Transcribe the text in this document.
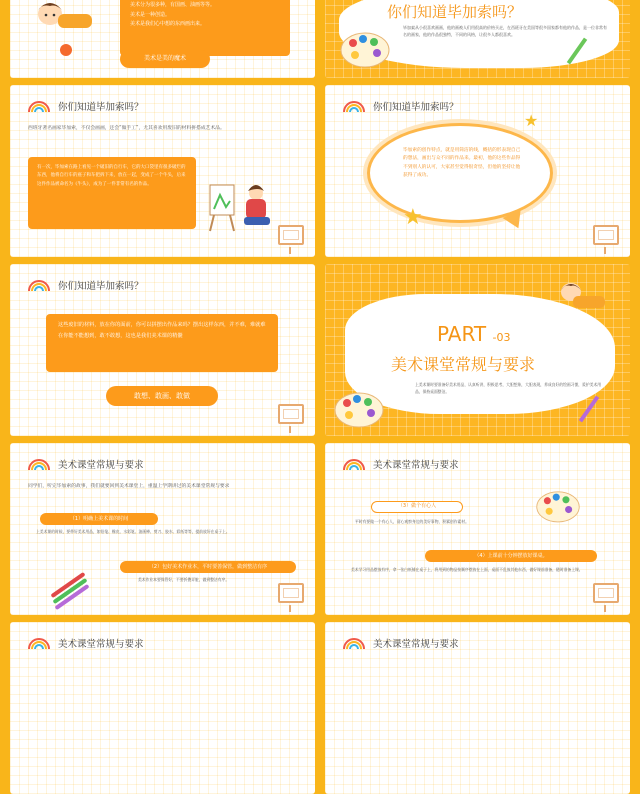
美术分为很多种，有国画、油画等等。
美术是一种创造。
美术是我们心中想的东西画出来。
美术是美的魔术
你们知道毕加索吗？
毕加索从小很喜欢画画，他的画被人们用很高的价格买走，在西班牙在美国等很多国家都有他的作品，是一位非常有名的画家，他的作品很独特，不同的风格，让很多人都很喜欢。
你们知道毕加索吗？
西班牙著名画家毕加索，不仅会画画，还会“做手工”，尤其喜欢用废旧的材料拼搭成艺术品。
有一次，毕加索在路上看见一个破旧的自行车，它的大口袋里有很多破烂的东西，他将自行车的座子和车把拆下来，放在一起，变成了一个牛头，后来这件作品被命名为《牛头》，成为了一件非常有名的作品。
你们知道毕加索吗？
毕加索的创作特点，就是用简洁的线，概括的形表现自己的想法，画出与众不同的作品来。最初，他的这些作品得不到别人的认可，大家甚至觉得很奇怪，但他的坚持让他获得了成功。
★
★
你们知道毕加索吗？
这些废旧的材料，放在你的面前，你可以拼摆出作品来吗？摆出这样东西，并不难，难就难在你能不能想到，敢不敢想，这也是我们美术课的精髓
敢想、敢画、敢做
PART -03
美术课堂常规与要求
上美术课时要准备好美术用品，认真听讲，积极思考，大胆想象，大胆表现，养成良好的绘画习惯，爱护美术用品，保持桌面整洁。
美术课堂常规与要求
同学们，听完毕加索的故事，我们就要回到美术课堂上，重温上学期讲过的美术课堂常规与要求
（1）明确上美术课的时间
上美术课的时候，要带好美术用品，如铅笔、橡皮、水彩笔、油画棒、剪刀、胶水、彩纸等等，提前放好在桌子上。
（2）包好美术作业本，平时要善保管，做到整洁有序
美术作业本要保管好，不要折叠弄脏，做到整洁有序。
美术课堂常规与要求
（3）做个有心人
平时有要做一个有心人，留心观察身边的美好事物，积累创作素材。
（4）上课前十分钟摆放好课桌。
美术学习用品摆放有序，拿一张白纸铺在桌子上，将用到的物品按顺序摆放在上面，桌面不乱放其他东西，做好课前准备，随时准备上课。
美术课堂常规与要求	美术课堂常规与要求
